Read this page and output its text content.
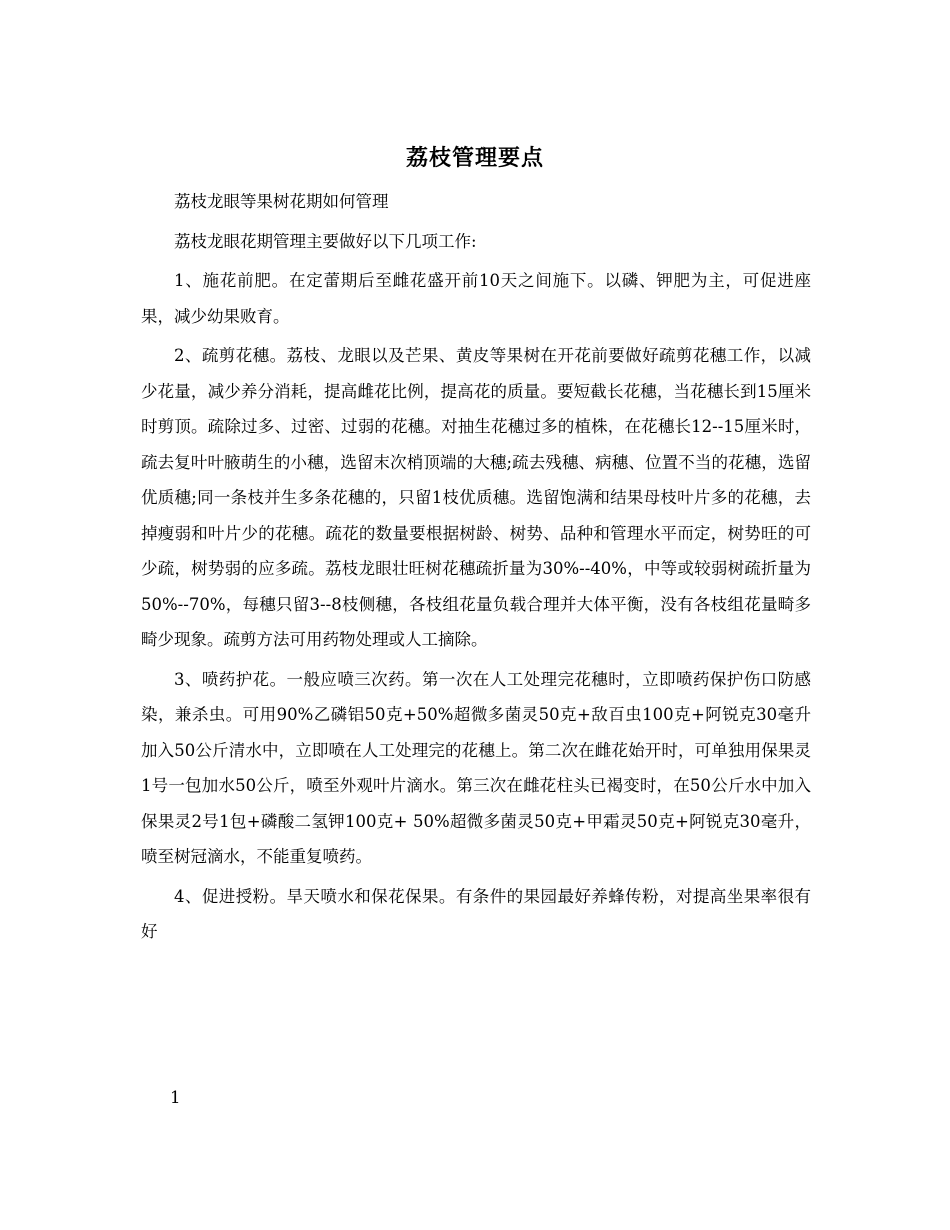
荔枝管理要点

荔枝龙眼等果树花期如何管理

荔枝龙眼花期管理主要做好以下几项工作:

1、施花前肥。在定蕾期后至雌花盛开前10天之间施下。以磷、钾肥为主，可促进座果，减少幼果败育。

2、疏剪花穗。荔枝、龙眼以及芒果、黄皮等果树在开花前要做好疏剪花穗工作，以减少花量，减少养分消耗，提高雌花比例，提高花的质量。要短截长花穗，当花穗长到15厘米时剪顶。疏除过多、过密、过弱的花穗。对抽生花穗过多的植株，在花穗长12--15厘米时，疏去复叶叶腋萌生的小穗，选留末次梢顶端的大穗;疏去残穗、病穗、位置不当的花穗，选留优质穗;同一条枝并生多条花穗的，只留1枝优质穗。选留饱满和结果母枝叶片多的花穗，去掉瘦弱和叶片少的花穗。疏花的数量要根据树龄、树势、品种和管理水平而定，树势旺的可少疏，树势弱的应多疏。荔枝龙眼壮旺树花穗疏折量为30%--40%，中等或较弱树疏折量为50%--70%，每穗只留3--8枝侧穗，各枝组花量负载合理并大体平衡，没有各枝组花量畸多畸少现象。疏剪方法可用药物处理或人工摘除。

3、喷药护花。一般应喷三次药。第一次在人工处理完花穗时，立即喷药保护伤口防感染，兼杀虫。可用90%乙磷铝50克+50%超微多菌灵50克+敌百虫100克+阿锐克30毫升加入50公斤清水中，立即喷在人工处理完的花穗上。第二次在雌花始开时，可单独用保果灵1号一包加水50公斤，喷至外观叶片滴水。第三次在雌花柱头已褐变时，在50公斤水中加入保果灵2号1包+磷酸二氢钾100克+ 50%超微多菌灵50克+甲霜灵50克+阿锐克30毫升，喷至树冠滴水，不能重复喷药。

4、促进授粉。旱天喷水和保花保果。有条件的果园最好养蜂传粉，对提高坐果率很有好

1
